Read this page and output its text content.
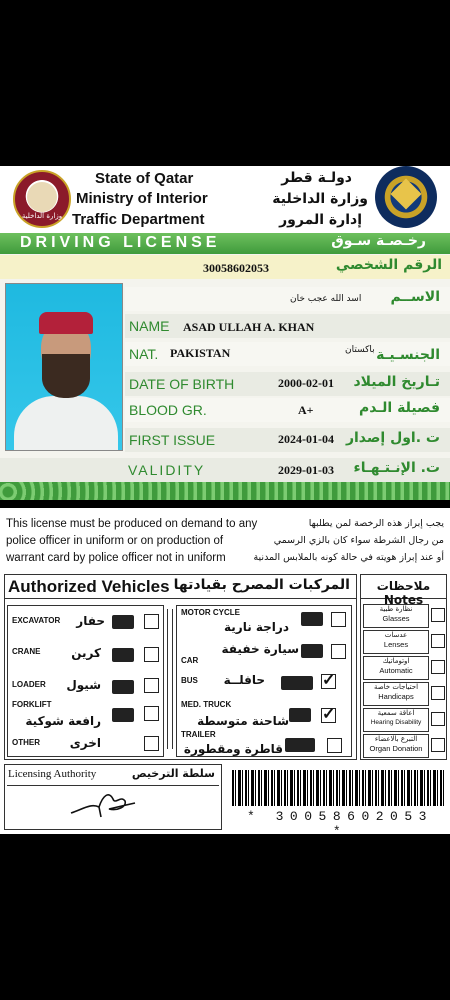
وزارة الداخلية
State of Qatar
Ministry of Interior
Traffic Department
دولـة قطر
وزارة الداخلية
إدارة المرور
DRIVING LICENSE	رخـصـة سـوق
30058602053	الرقم الشخصي
اسد الله عجب خان الاســم
NAME ASAD ULLAH A. KHAN
NAT. PAKISTAN	باكستان الجنسـيـة
DATE OF BIRTH	2000-02-01 تـاريخ الميلاد
BLOOD GR.	A+	فصيلة الـدم
FIRST ISSUE	2024-01-04 ت .اول إصدار
VALIDITY	2029-01-03 ت. الإنـتـهـاء
This license must be produced on demand to any
police officer in uniform or on production of
warrant card by police officer not in uniform
يجب إبراز هذه الرخصة لمن يطلبها
من رجال الشرطة سواء كان بالزي الرسمي
أو عند إبراز هويته في حالة كونه بالملابس المدنية
Authorized Vehicles المركبات المصرح بقيادتها
EXCAVATOR حفار
CRANE	كرين
LOADER شيول
FORKLIFT
رافعة شوكية
OTHER اخرى
MOTOR CYCLE
دراجة نارية
CAR
سيارة خفيفة
BUS حافلــة	✓
MED. TRUCK
شاحنة متوسطة ✓
TRAILER
قاطرة ومقطورة
ملاحظات Notes
نظارة طبية
Glasses
عدسات
Lenses
اوتوماتيك
Automatic
احتياجات خاصة
Handicaps
اعاقة سمعية
Hearing Disability
التبرع بالاعضاء
Organ Donation
Licensing Authority	سلطة الترخيص
* 30058602053 *
